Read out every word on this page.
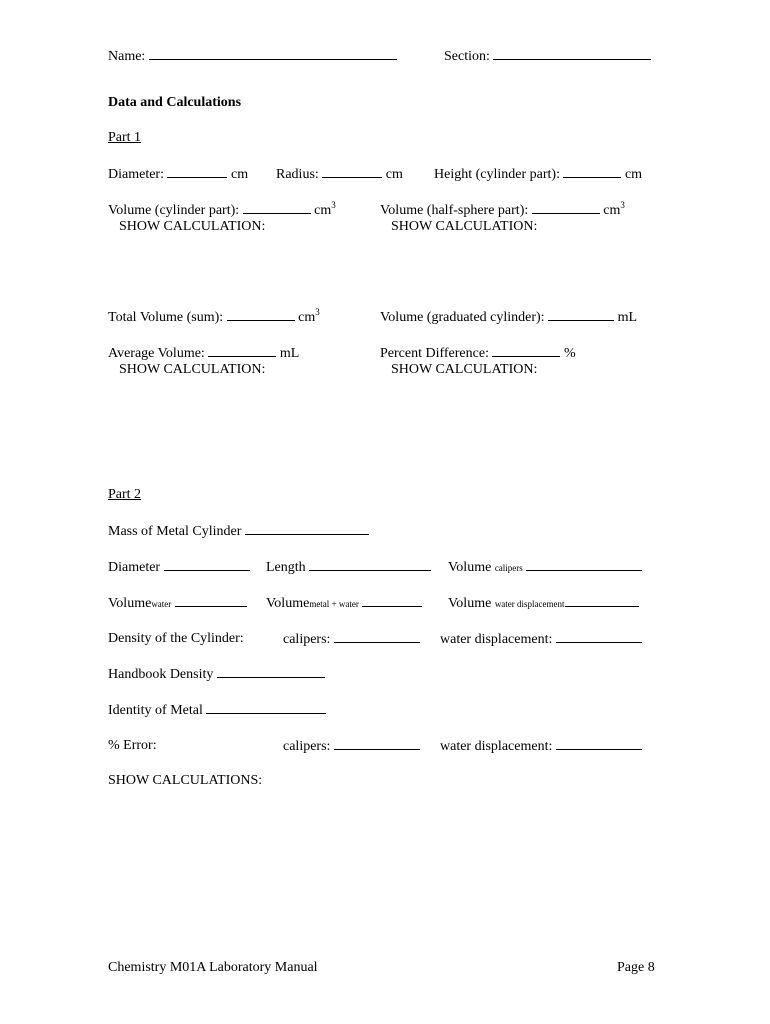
Name:	Section:
Data and Calculations
Part 1
Diameter:	cm Radius:	cm Height (cylinder part):	cm
Volume (cylinder part):	$cm^3$
SHOW CALCULATION:
Volume (half-sphere part):	$cm^3$
SHOW CALCULATION:
Total Volume (sum):	$cm^3$	Volume (graduated cylinder):	mL
Average Volume:	mL
SHOW CALCULATION:
Percent Difference:	%
SHOW CALCULATION:
Part 2
Mass of Metal Cylinder
Diameter	Length	Volume calipers
Volumewater	Volumemetal + water	Volume water displacement
Density of the Cylinder:	calipers:	water displacement:
Handbook Density
Identity of Metal
% Error:	calipers:	water displacement:
SHOW CALCULATIONS:
Chemistry M01A Laboratory Manual	Page 8
